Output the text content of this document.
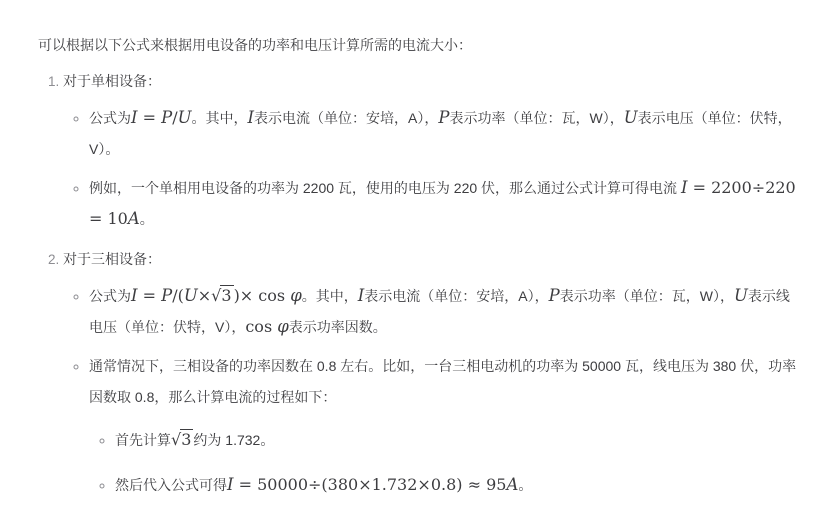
可以根据以下公式来根据用电设备的功率和电压计算所需的电流大小：

1. 对于单相设备：
◦ 公式为I = P/U。其中，I表示电流（单位：安培，A），P表示功率（单位：瓦，W），U表示电压（单位：伏特，V）。
◦ 例如，一个单相用电设备的功率为 2200 瓦，使用的电压为 220 伏，那么通过公式计算可得电流 I = 2200÷220 = 10A。
2. 对于三相设备：
◦ 公式为I = P/(U×√3 )× cos φ。其中，I表示电流（单位：安培，A），P表示功率（单位：瓦，W），U表示线电压（单位：伏特，V），cos φ表示功率因数。
◦ 通常情况下，三相设备的功率因数在 0.8 左右。比如，一台三相电动机的功率为 50000 瓦，线电压为 380 伏，功率因数取 0.8，那么计算电流的过程如下：
◦ 首先计算√3 约为 1.732。
◦ 然后代入公式可得I = 50000÷(380×1.732×0.8) ≈ 95A。
